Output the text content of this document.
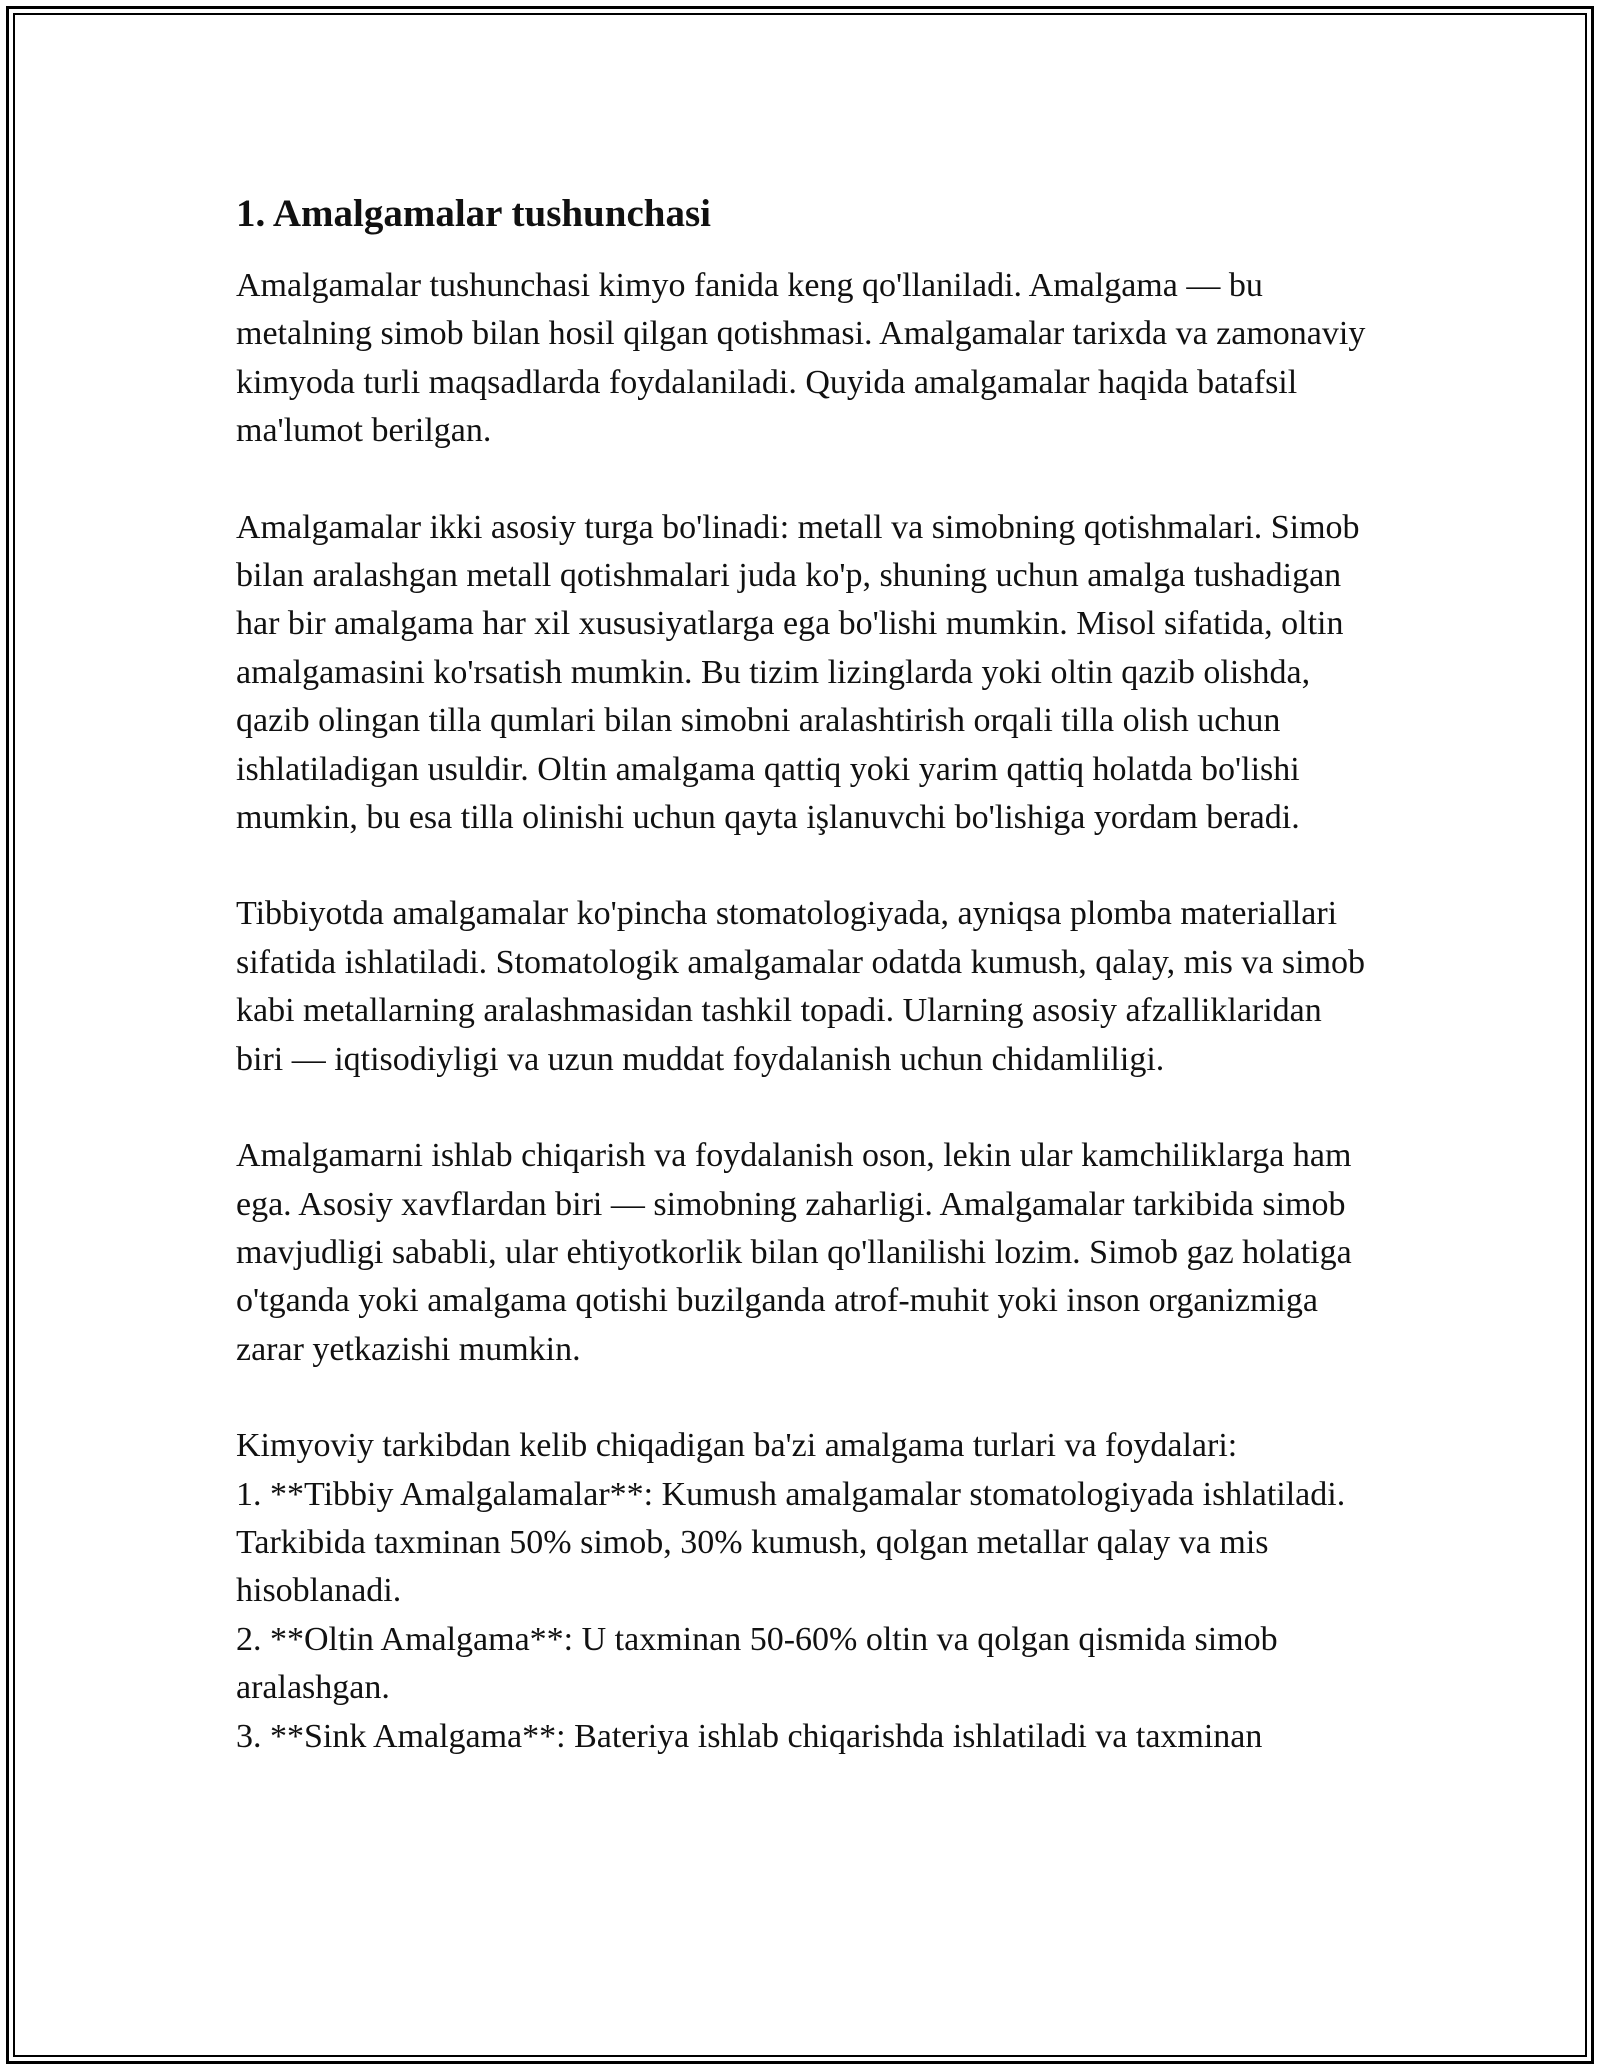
1. Amalgamalar tushunchasi

Amalgamalar tushunchasi kimyo fanida keng qo'llaniladi. Amalgama — bu metalning simob bilan hosil qilgan qotishmasi. Amalgamalar tarixda va zamonaviy kimyoda turli maqsadlarda foydalaniladi. Quyida amalgamalar haqida batafsil ma'lumot berilgan.

Amalgamalar ikki asosiy turga bo'linadi: metall va simobning qotishmalari. Simob bilan aralashgan metall qotishmalari juda ko'p, shuning uchun amalga tushadigan har bir amalgama har xil xususiyatlarga ega bo'lishi mumkin. Misol sifatida, oltin amalgamasini ko'rsatish mumkin. Bu tizim lizinglarda yoki oltin qazib olishda, qazib olingan tilla qumlari bilan simobni aralashtirish orqali tilla olish uchun ishlatiladigan usuldir. Oltin amalgama qattiq yoki yarim qattiq holatda bo'lishi mumkin, bu esa tilla olinishi uchun qayta işlanuvchi bo'lishiga yordam beradi.

Tibbiyotda amalgamalar ko'pincha stomatologiyada, ayniqsa plomba materiallari sifatida ishlatiladi. Stomatologik amalgamalar odatda kumush, qalay, mis va simob kabi metallarning aralashmasidan tashkil topadi. Ularning asosiy afzalliklaridan biri — iqtisodiyligi va uzun muddat foydalanish uchun chidamliligi.

Amalgamarni ishlab chiqarish va foydalanish oson, lekin ular kamchiliklarga ham ega. Asosiy xavflardan biri — simobning zaharligi. Amalgamalar tarkibida simob mavjudligi sababli, ular ehtiyotkorlik bilan qo'llanilishi lozim. Simob gaz holatiga o'tganda yoki amalgama qotishi buzilganda atrof-muhit yoki inson organizmiga zarar yetkazishi mumkin.

Kimyoviy tarkibdan kelib chiqadigan ba'zi amalgama turlari va foydalari:

1. **Tibbiy Amalgalamalar**: Kumush amalgamalar stomatologiyada ishlatiladi. Tarkibida taxminan 50% simob, 30% kumush, qolgan metallar qalay va mis hisoblanadi.

2. **Oltin Amalgama**: U taxminan 50-60% oltin va qolgan qismida simob aralashgan.

3. **Sink Amalgama**: Bateriya ishlab chiqarishda ishlatiladi va taxminan
